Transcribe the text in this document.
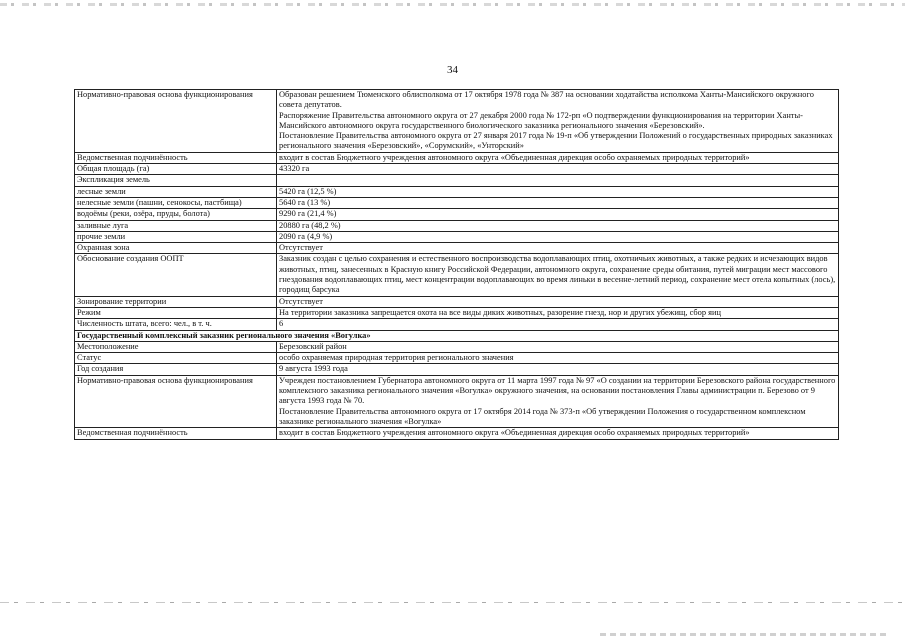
34
Нормативно-правовая основа функционирования	Образован решением Тюменского облисполкома от 17 октября 1978 года № 387 на основании ходатайства исполкома Ханты-Мансийского окружного совета депутатов.
Распоряжение Правительства автономного округа от 27 декабря 2000 года № 172-рп «О подтверждении функционирования на территории Ханты-Мансийского автономного округа государственного биологического заказника регионального значения «Березовский».
Постановление Правительства автономного округа от 27 января 2017 года № 19-п «Об утверждении Положений о государственных природных заказниках регионального значения «Березовский», «Сорумский», «Унторский»

Ведомственная подчинённость	входит в состав Бюджетного учреждения автономного округа «Объединенная дирекция особо охраняемых природных территорий»
Общая площадь (га)	43320 га
Экспликация земель	
лесные земли	5420 га (12,5 %)
нелесные земли (пашни, сенокосы, пастбища)	5640 га (13 %)
водоёмы (реки, озёра, пруды, болота)	9290 га (21,4 %)
заливные луга	20880 га (48,2 %)
прочие земли	2090 га (4,9 %)
Охранная зона	Отсутствует
Обоснование создания ООПТ	Заказник создан с целью сохранения и естественного воспроизводства водоплавающих птиц, охотничьих животных, а также редких и исчезающих видов животных, птиц, занесенных в Красную книгу Российской Федерации, автономного округа, сохранение среды обитания, путей миграции мест массового гнездования водоплавающих птиц, мест концентрации водоплавающих во время линьки в весенне-летний период, сохранение мест отела копытных (лось), городищ барсука
Зонирование территории	Отсутствует
Режим	На территории заказника запрещается охота на все виды диких животных, разорение гнезд, нор и других убежищ, сбор яиц
Численность штата, всего: чел., в т. ч.	6
Государственный комплексный заказник регионального значения «Вогулка»	
Местоположение	Березовский район
Статус	особо охраняемая природная территория регионального значения
Год создания	9 августа 1993 года
Нормативно-правовая основа функционирования	Учрежден постановлением Губернатора автономного округа от 11 марта 1997 года № 97 «О создании на территории Березовского района государственного комплексного заказника регионального значения «Вогулка» окружного значения, на основании постановления Главы администрации п. Березово от 9 августа 1993 года № 70.
Постановление Правительства автономного округа от 17 октября 2014 года № 373-п «Об утверждении Положения о государственном комплексном заказнике регионального значения «Вогулка»

Ведомственная подчинённость	входит в состав Бюджетного учреждения автономного округа «Объединенная дирекция особо охраняемых природных территорий»
